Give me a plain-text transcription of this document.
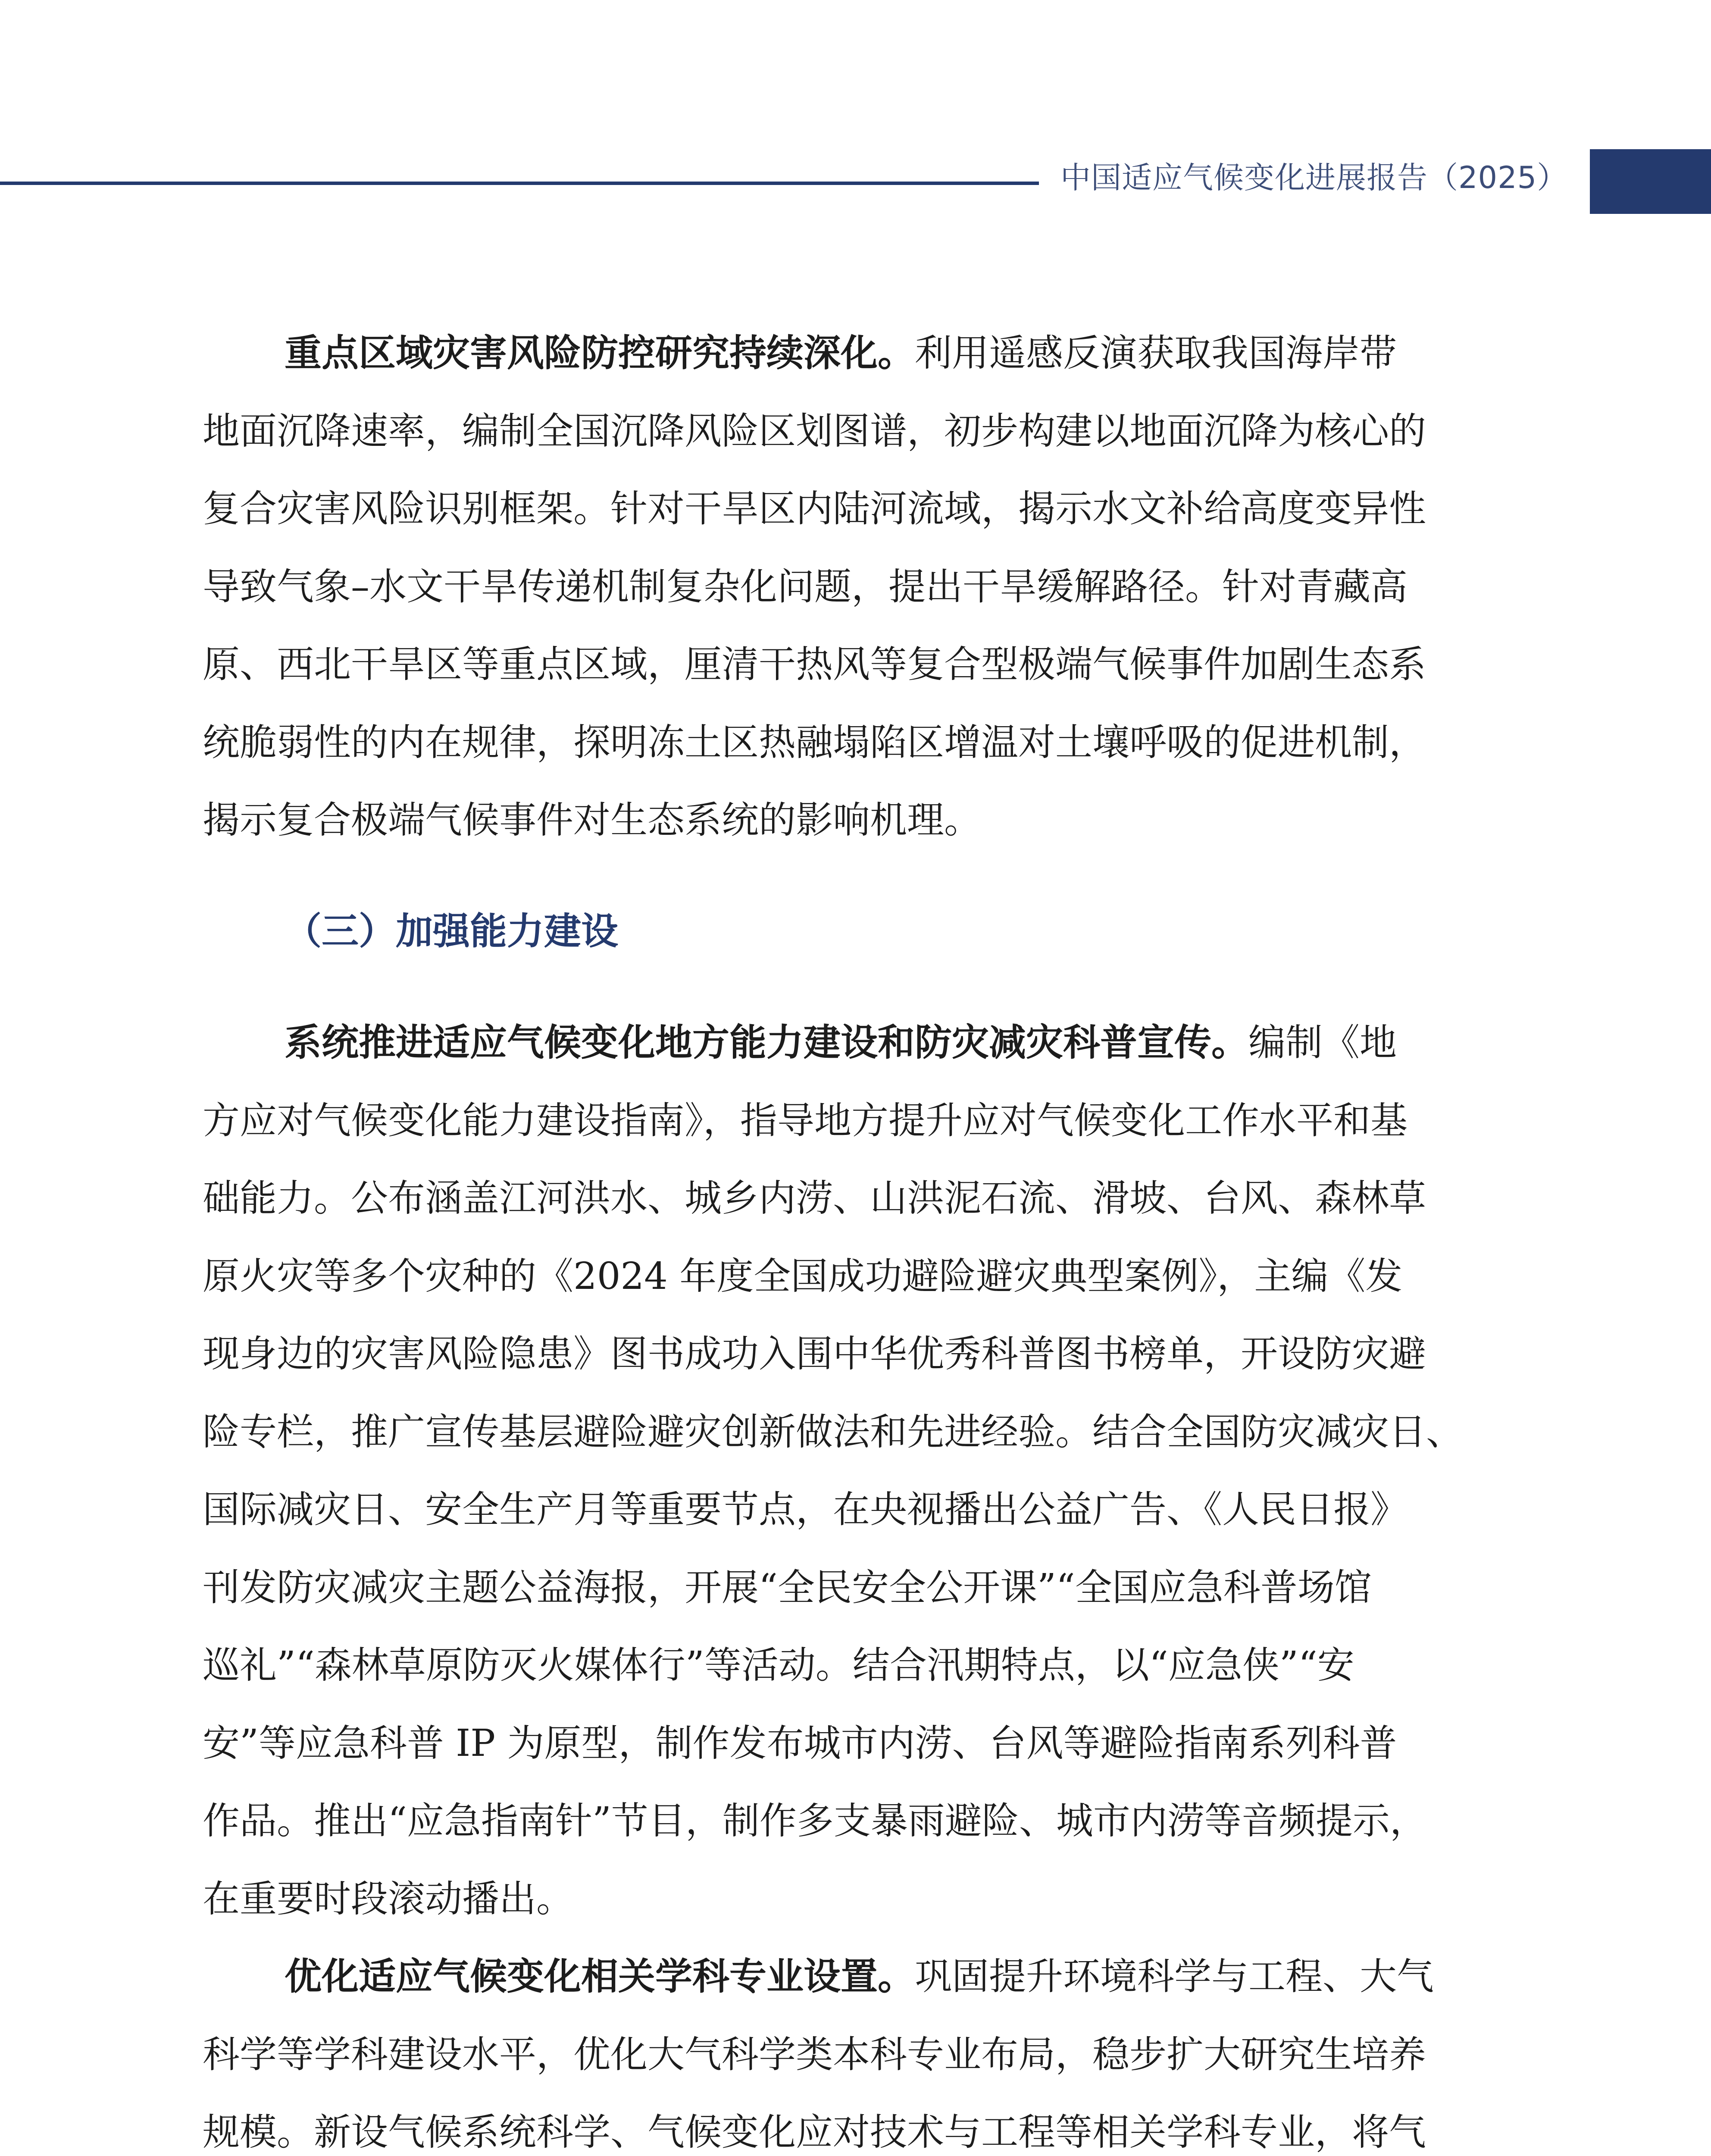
中国适应气候变化进展报告（2025）
重点区域灾害风险防控研究持续深化。利用遥感反演获取我国海岸带
地面沉降速率，编制全国沉降风险区划图谱，初步构建以地面沉降为核心的
复合灾害风险识别框架。针对干旱区内陆河流域，揭示水文补给高度变异性
导致气象–水文干旱传递机制复杂化问题，提出干旱缓解路径。针对青藏高
原、西北干旱区等重点区域，厘清干热风等复合型极端气候事件加剧生态系
统脆弱性的内在规律，探明冻土区热融塌陷区增温对土壤呼吸的促进机制，
揭示复合极端气候事件对生态系统的影响机理。
（三）加强能力建设
系统推进适应气候变化地方能力建设和防灾减灾科普宣传。编制《地
方应对气候变化能力建设指南》，指导地方提升应对气候变化工作水平和基
础能力。公布涵盖江河洪水、城乡内涝、山洪泥石流、滑坡、台风、森林草
原火灾等多个灾种的《2024 年度全国成功避险避灾典型案例》，主编《发
现身边的灾害风险隐患》图书成功入围中华优秀科普图书榜单，开设防灾避
险专栏，推广宣传基层避险避灾创新做法和先进经验。结合全国防灾减灾日、
国际减灾日、安全生产月等重要节点，在央视播出公益广告、《人民日报》
刊发防灾减灾主题公益海报，开展“全民安全公开课”“全国应急科普场馆
巡礼”“森林草原防灭火媒体行”等活动。结合汛期特点，以“应急侠”“安
安”等应急科普 IP 为原型，制作发布城市内涝、台风等避险指南系列科普
作品。推出“应急指南针”节目，制作多支暴雨避险、城市内涝等音频提示，
在重要时段滚动播出。
优化适应气候变化相关学科专业设置。巩固提升环境科学与工程、大气
科学等学科建设水平，优化大气科学类本科专业布局，稳步扩大研究生培养
规模。新设气候系统科学、气候变化应对技术与工程等相关学科专业，将气
